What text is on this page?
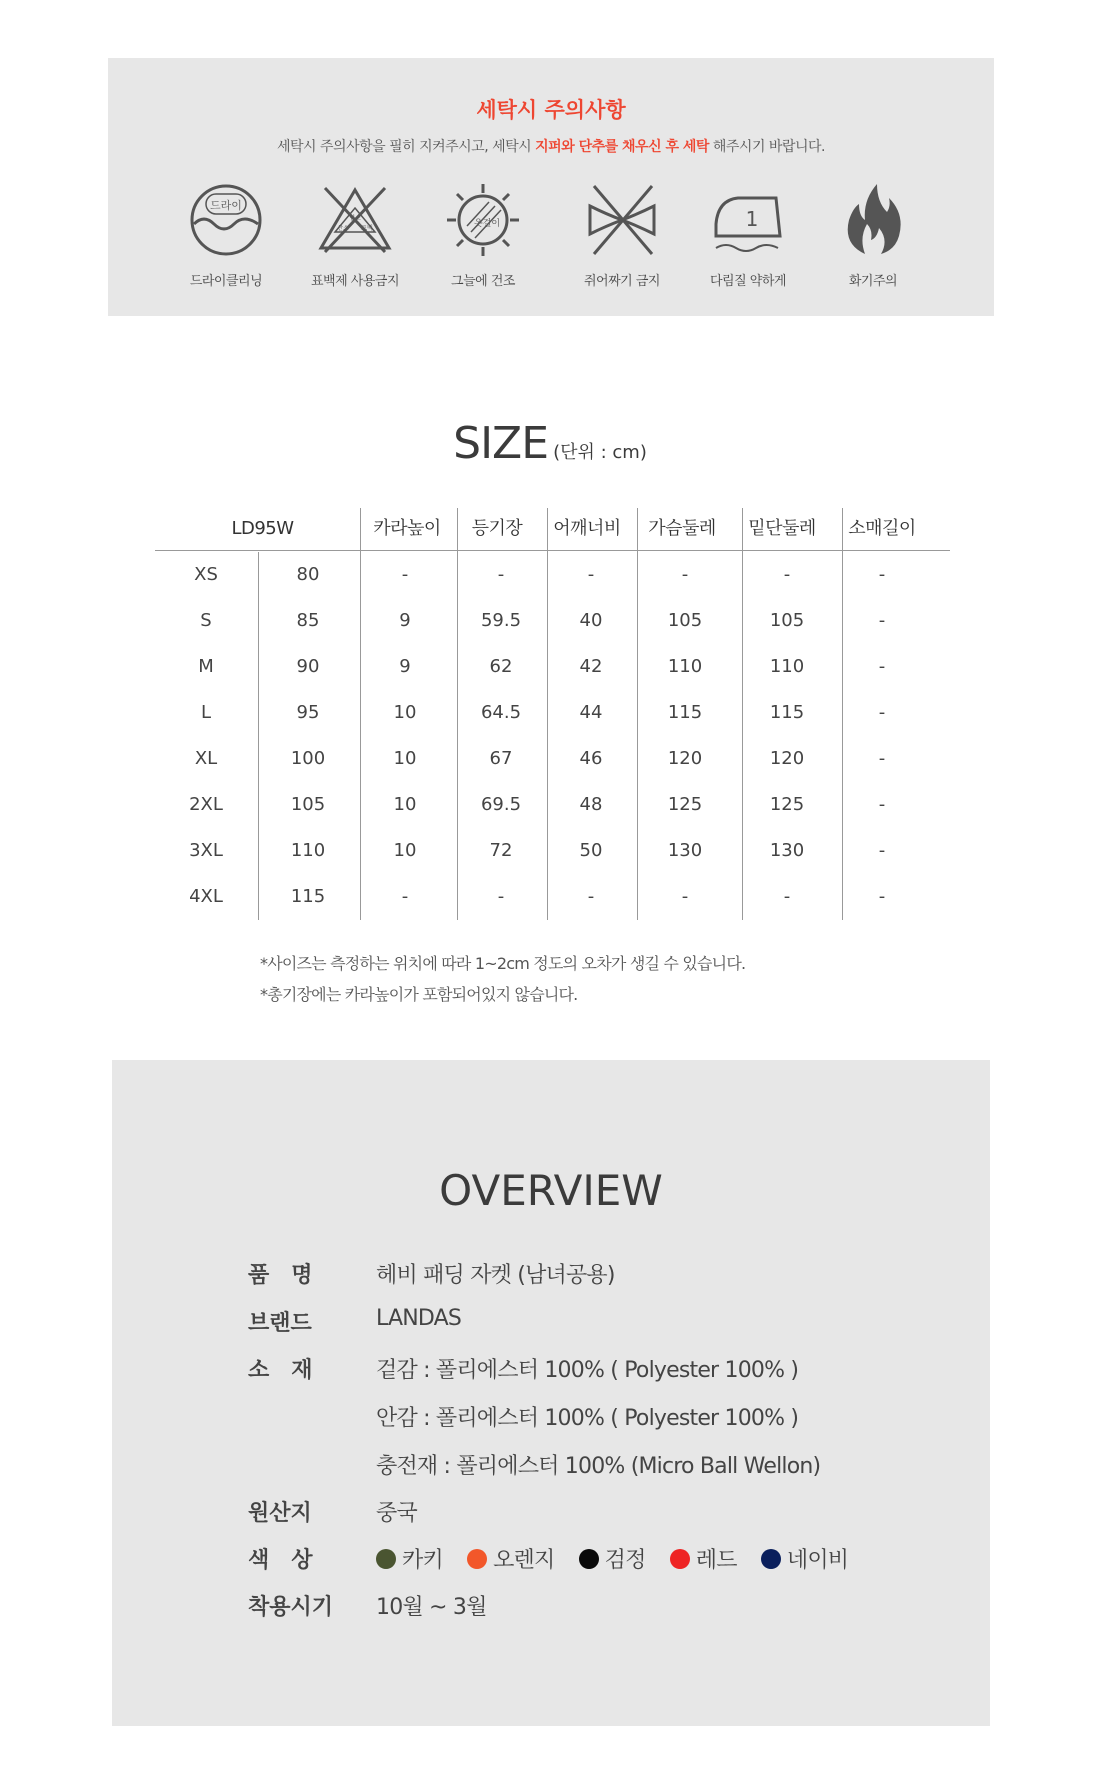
세탁시 주의사항
세탁시 주의사항을 필히 지켜주시고, 세탁시 지퍼와 단추를 채우신 후 세탁 해주시기 바랍니다.
드라이
드라이클리닝
염소
산소 표백
표백제 사용금지
옷걸이
그늘에 건조	쥐어짜기 금지
1
다림질 약하게	화기주의
SIZE (단위 : cm)
LD95W	카라높이	등기장	어깨너비	가슴둘레	밑단둘레	소매길이
XS	80	-	-	-	-	-	-
S	85	9	59.5	40	105	105	-
M	90	9	62	42	110	110	-
L	95	10	64.5	44	115	115	-
XL	100	10	67	46	120	120	-
2XL	105	10	69.5	48	125	125	-
3XL	110	10	72	50	130	130	-
4XL	115	-	-	-	-	-	-
*사이즈는 측정하는 위치에 따라 1~2cm 정도의 오차가 생길 수 있습니다.
*총기장에는 카라높이가 포함되어있지 않습니다.
OVERVIEW
품　명	헤비 패딩 자켓 (남녀공용)
브랜드	LANDAS
소　재	겉감 : 폴리에스터 100% ( Polyester 100% )
안감 : 폴리에스터 100% ( Polyester 100% )
충전재 : 폴리에스터 100% (Micro Ball Wellon)
원산지	중국
색　상	카키 오렌지 검정 레드 네이비
착용시기 10월 ~ 3월
